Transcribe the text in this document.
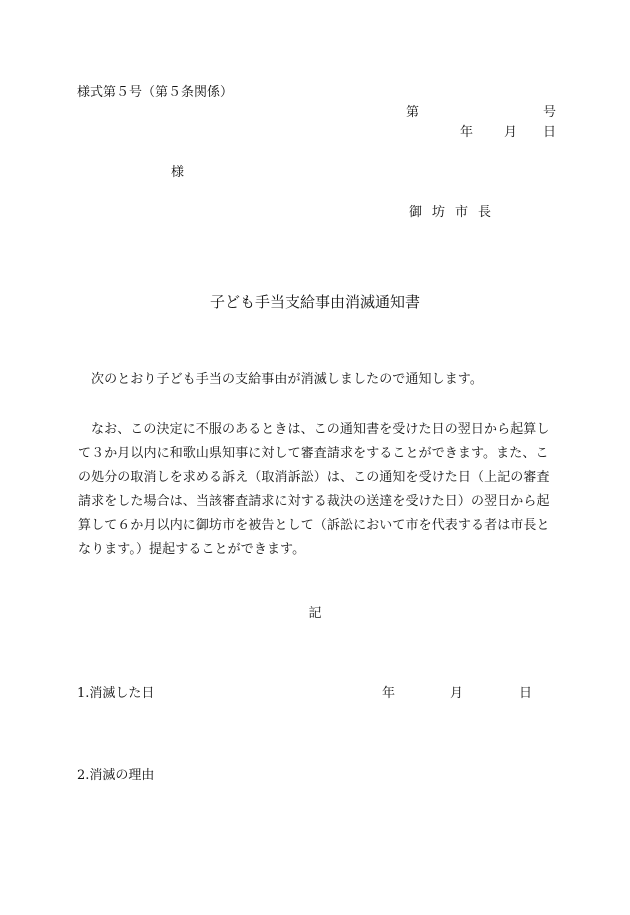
様式第５号（第５条関係）
第	号
年 月 日
様
御坊市長
子ども手当支給事由消滅通知書
次のとおり子ども手当の支給事由が消滅しましたので通知します。
なお、この決定に不服のあるときは、この通知書を受けた日の翌日から起算して３か月以内に和歌山県知事に対して審査請求をすることができます。また、この処分の取消しを求める訴え（取消訴訟）は、この通知を受けた日（上記の審査請求をした場合は、当該審査請求に対する裁決の送達を受けた日）の翌日から起算して６か月以内に御坊市を被告として（訴訟において市を代表する者は市長となります。）提起することができます。
記
1.消滅した日	年	月	日
2.消滅の理由
